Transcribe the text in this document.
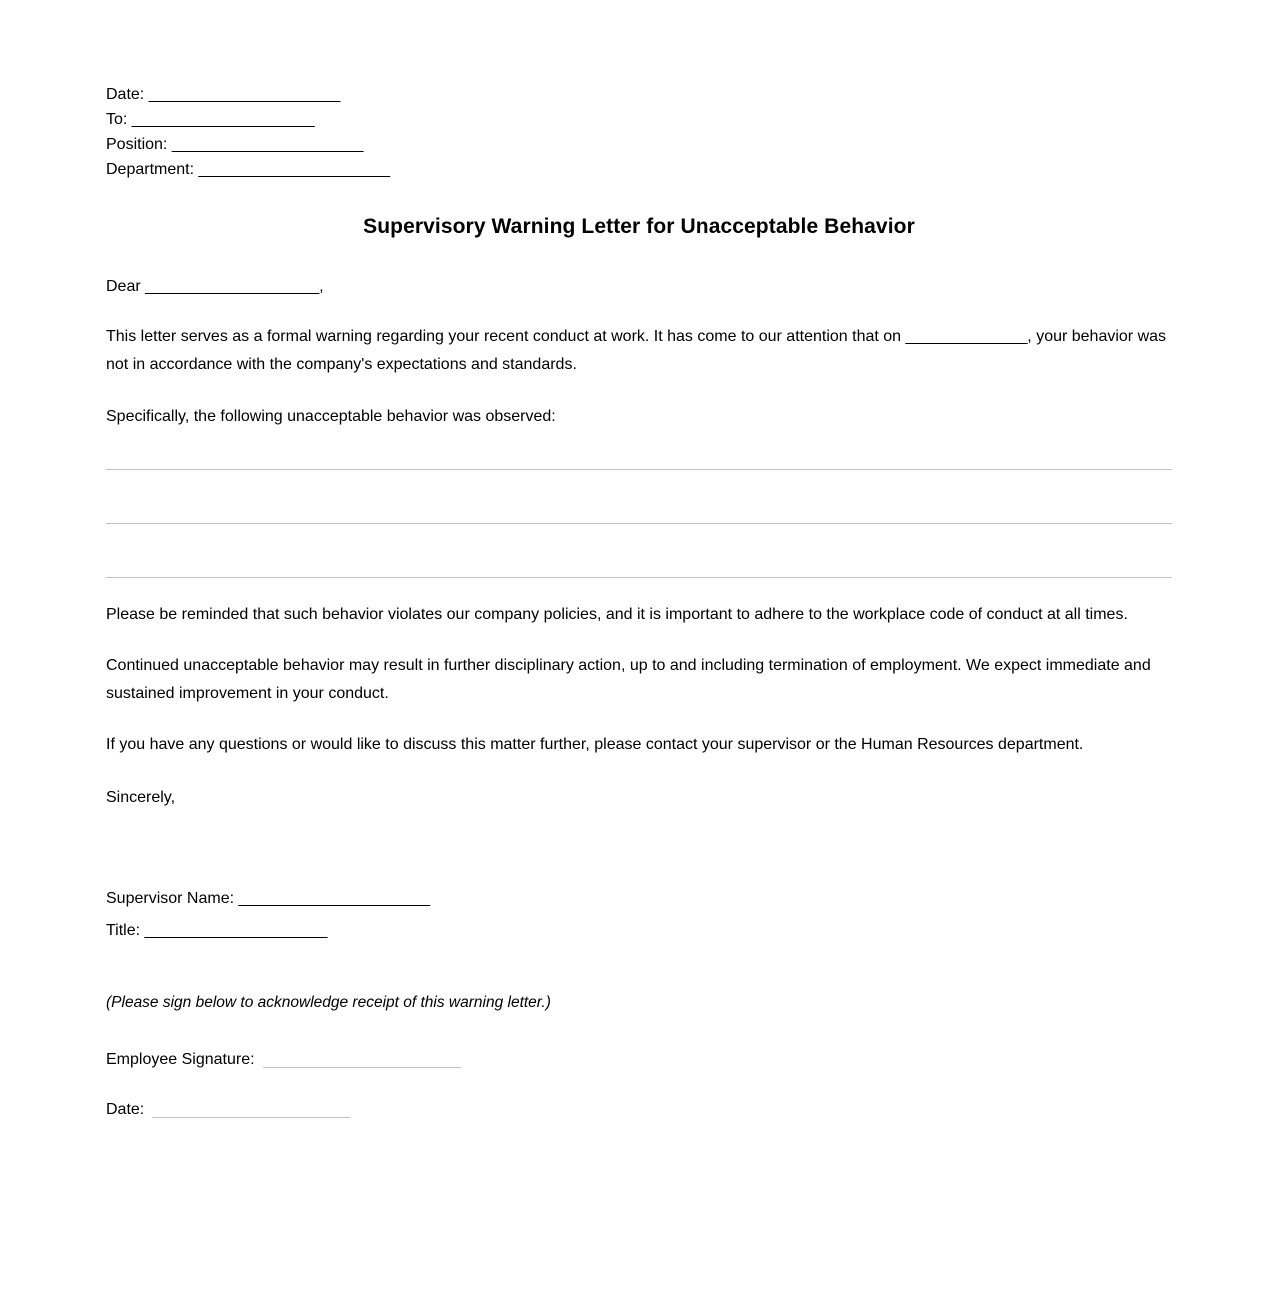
Date: ______________________
To: _____________________
Position: ______________________
Department: ______________________
Supervisory Warning Letter for Unacceptable Behavior
Dear ____________________,
This letter serves as a formal warning regarding your recent conduct at work. It has come to our attention that on ______________, your behavior was not in accordance with the company's expectations and standards.
Specifically, the following unacceptable behavior was observed:
Please be reminded that such behavior violates our company policies, and it is important to adhere to the workplace code of conduct at all times.
Continued unacceptable behavior may result in further disciplinary action, up to and including termination of employment. We expect immediate and sustained improvement in your conduct.
If you have any questions or would like to discuss this matter further, please contact your supervisor or the Human Resources department.
Sincerely,
Supervisor Name: ______________________
Title: _____________________
(Please sign below to acknowledge receipt of this warning letter.)
Employee Signature:
Date:
